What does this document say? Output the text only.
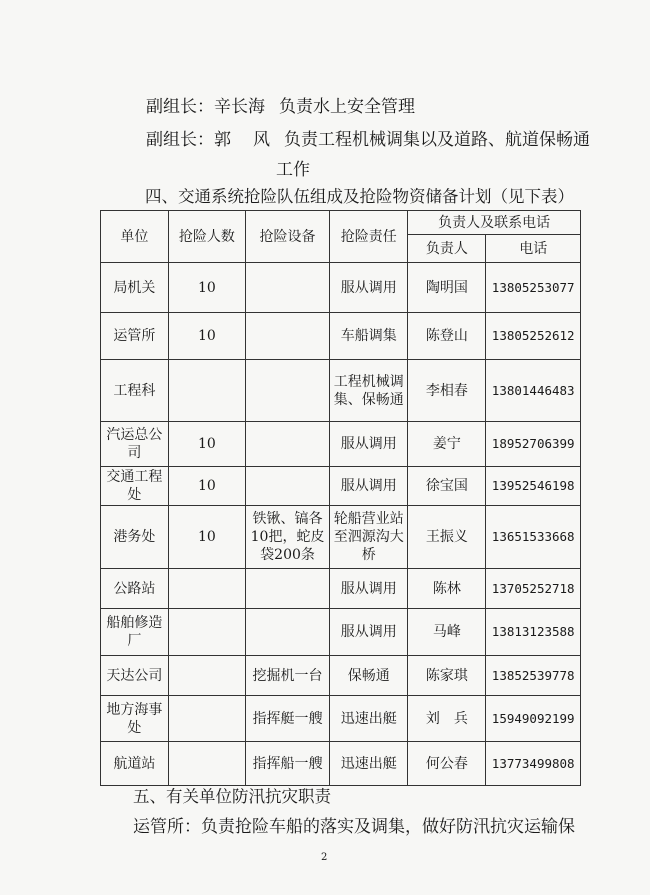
副组长：辛长海 负责水上安全管理
副组长：郭 风 负责工程机械调集以及道路、航道保畅通
工作
四、交通系统抢险队伍组成及抢险物资储备计划（见下表）
单位	抢险人数	抢险设备	抢险责任	负责人及联系电话	
				负责人	电话
局机关	10		服从调用	陶明国	13805253077
运管所	10		车船调集	陈登山	13805252612
工程科			工程机械调集、保畅通	李相春	13801446483
汽运总公司	10		服从调用	姜宁	18952706399
交通工程处	10		服从调用	徐宝国	13952546198
港务处	10	铁锹、镐各10把，蛇皮袋200条	轮船营业站至泗源沟大桥	王振义	13651533668
公路站			服从调用	陈林	13705252718
船舶修造厂			服从调用	马峰	13813123588
天达公司		挖掘机一台	保畅通	陈家琪	13852539778
地方海事处		指挥艇一艘	迅速出艇	刘　兵	15949092199
航道站		指挥船一艘	迅速出艇	何公春	13773499808
五、有关单位防汛抗灾职责
运管所：负责抢险车船的落实及调集，做好防汛抗灾运输保
2
